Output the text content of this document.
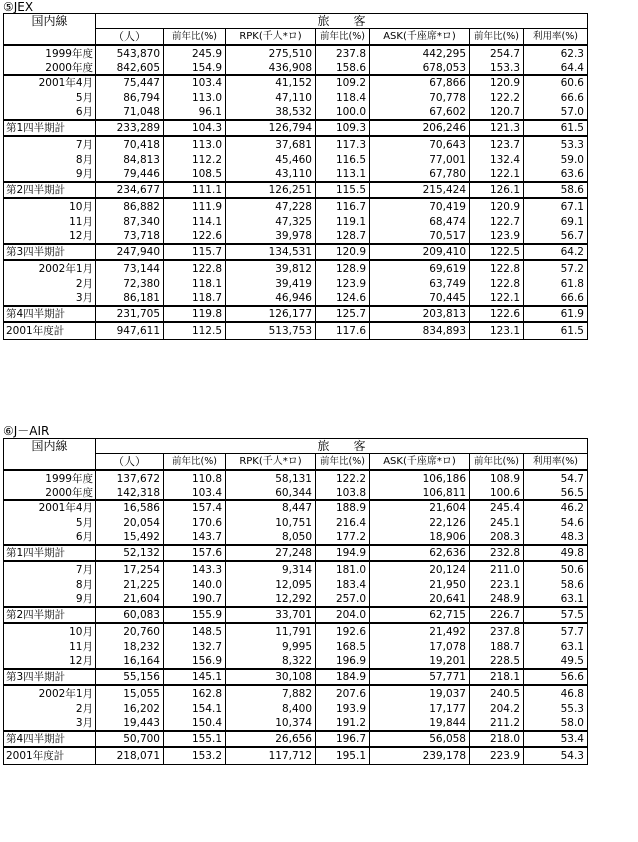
⑤JEX
国内線	旅　　客						
	（人）	前年比(%)	RPK(千人*ロ)	前年比(%)	ASK(千座席*ロ)	前年比(%)	利用率(%)
1999年度	543,870	245.9	275,510	237.8	442,295	254.7	62.3
2000年度	842,605	154.9	436,908	158.6	678,053	153.3	64.4
2001年4月	75,447	103.4	41,152	109.2	67,866	120.9	60.6
5月	86,794	113.0	47,110	118.4	70,778	122.2	66.6
6月	71,048	96.1	38,532	100.0	67,602	120.7	57.0
第1四半期計	233,289	104.3	126,794	109.3	206,246	121.3	61.5
7月	70,418	113.0	37,681	117.3	70,643	123.7	53.3
8月	84,813	112.2	45,460	116.5	77,001	132.4	59.0
9月	79,446	108.5	43,110	113.1	67,780	122.1	63.6
第2四半期計	234,677	111.1	126,251	115.5	215,424	126.1	58.6
10月	86,882	111.9	47,228	116.7	70,419	120.9	67.1
11月	87,340	114.1	47,325	119.1	68,474	122.7	69.1
12月	73,718	122.6	39,978	128.7	70,517	123.9	56.7
第3四半期計	247,940	115.7	134,531	120.9	209,410	122.5	64.2
2002年1月	73,144	122.8	39,812	128.9	69,619	122.8	57.2
2月	72,380	118.1	39,419	123.9	63,749	122.8	61.8
3月	86,181	118.7	46,946	124.6	70,445	122.1	66.6
第4四半期計	231,705	119.8	126,177	125.7	203,813	122.6	61.9
2001年度計	947,611	112.5	513,753	117.6	834,893	123.1	61.5
⑥J－AIR
国内線	旅　　客						
	（人）	前年比(%)	RPK(千人*ロ)	前年比(%)	ASK(千座席*ロ)	前年比(%)	利用率(%)
1999年度	137,672	110.8	58,131	122.2	106,186	108.9	54.7
2000年度	142,318	103.4	60,344	103.8	106,811	100.6	56.5
2001年4月	16,586	157.4	8,447	188.9	21,604	245.4	46.2
5月	20,054	170.6	10,751	216.4	22,126	245.1	54.6
6月	15,492	143.7	8,050	177.2	18,906	208.3	48.3
第1四半期計	52,132	157.6	27,248	194.9	62,636	232.8	49.8
7月	17,254	143.3	9,314	181.0	20,124	211.0	50.6
8月	21,225	140.0	12,095	183.4	21,950	223.1	58.6
9月	21,604	190.7	12,292	257.0	20,641	248.9	63.1
第2四半期計	60,083	155.9	33,701	204.0	62,715	226.7	57.5
10月	20,760	148.5	11,791	192.6	21,492	237.8	57.7
11月	18,232	132.7	9,995	168.5	17,078	188.7	63.1
12月	16,164	156.9	8,322	196.9	19,201	228.5	49.5
第3四半期計	55,156	145.1	30,108	184.9	57,771	218.1	56.6
2002年1月	15,055	162.8	7,882	207.6	19,037	240.5	46.8
2月	16,202	154.1	8,400	193.9	17,177	204.2	55.3
3月	19,443	150.4	10,374	191.2	19,844	211.2	58.0
第4四半期計	50,700	155.1	26,656	196.7	56,058	218.0	53.4
2001年度計	218,071	153.2	117,712	195.1	239,178	223.9	54.3
